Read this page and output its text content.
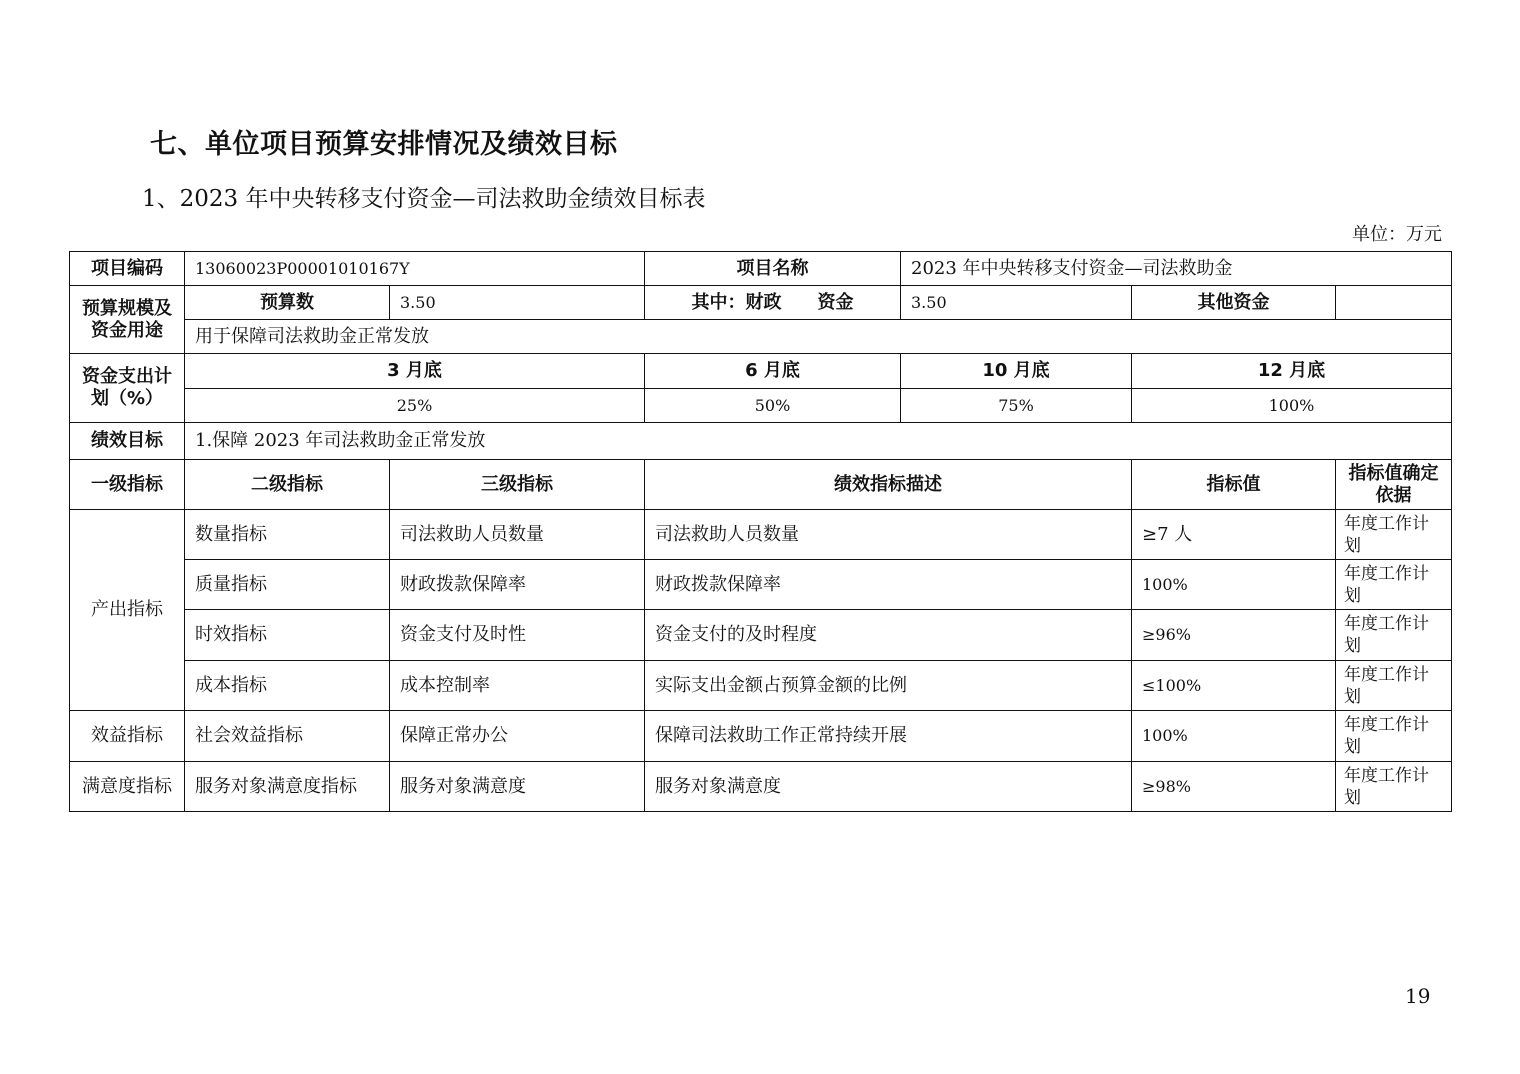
七、单位项目预算安排情况及绩效目标
1、2023 年中央转移支付资金—司法救助金绩效目标表
单位：万元
项目编码	13060023P00001010167Y		项目名称	2023 年中央转移支付资金—司法救助金		
预算规模及资金用途	预算数	3.50	其中：财政　　资金	3.50	其他资金	
	用于保障司法救助金正常发放					
资金支出计划（%）	3 月底		6 月底	10 月底	12 月底	
	25%		50%	75%	100%	
绩效目标	1.保障 2023 年司法救助金正常发放					
一级指标	二级指标	三级指标	绩效指标描述		指标值	指标值确定依据
产出指标	数量指标	司法救助人员数量	司法救助人员数量		≥7 人	年度工作计划
	质量指标	财政拨款保障率	财政拨款保障率		100%	年度工作计划
	时效指标	资金支付及时性	资金支付的及时程度		≥96%	年度工作计划
	成本指标	成本控制率	实际支出金额占预算金额的比例		≤100%	年度工作计划
效益指标	社会效益指标	保障正常办公	保障司法救助工作正常持续开展		100%	年度工作计划
满意度指标	服务对象满意度指标	服务对象满意度	服务对象满意度		≥98%	年度工作计划
19
